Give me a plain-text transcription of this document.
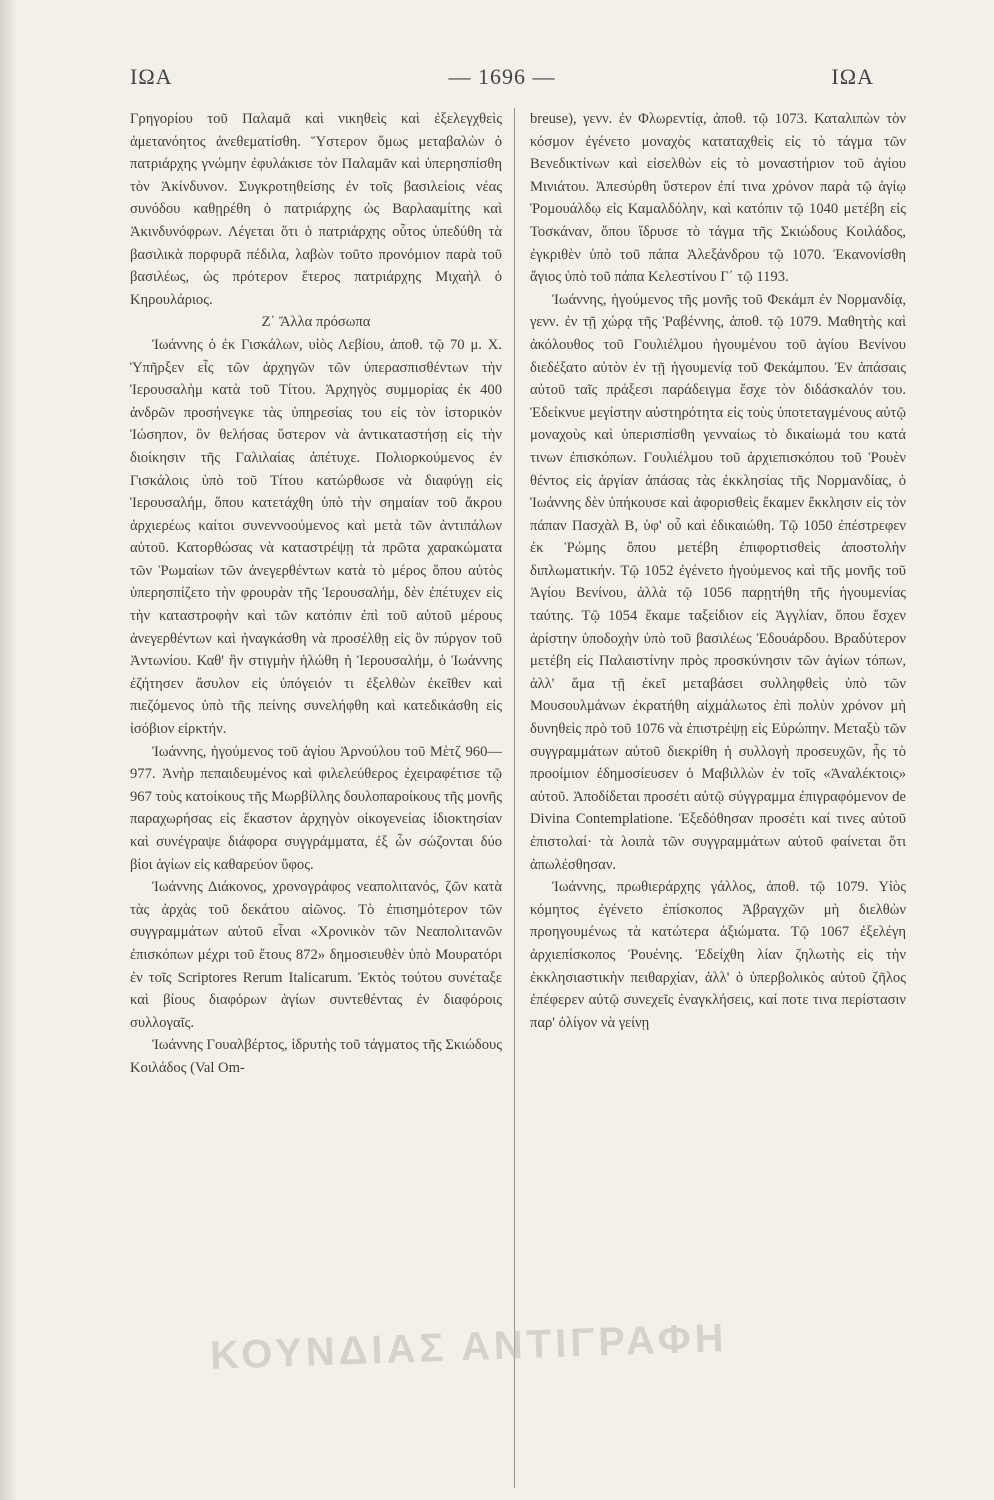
ΙΩΑ	— 1696 —	ΙΩΑ

Γρηγορίου τοῦ Παλαμᾶ καὶ νικηθεὶς καὶ ἐξελεγχθεὶς ἀμετανόητος ἀνεθεματίσθη. Ὕστερον ὅμως μεταβαλὼν ὁ πατριάρχης γνώμην ἐφυλάκισε τὸν Παλαμᾶν καὶ ὑπερησπίσθη τὸν Ἀκίνδυνον. Συγκροτηθείσης ἐν τοῖς βασιλείοις νέας συνόδου καθῃρέθη ὁ πατριάρχης ὡς Βαρλααμίτης καὶ Ἀκινδυνόφρων. Λέγεται ὅτι ὁ πατριάρχης οὗτος ὑπεδύθη τὰ βασιλικὰ πορφυρᾶ πέδιλα, λαβὼν τοῦτο προνόμιον παρὰ τοῦ βασιλέως, ὡς πρότερον ἕτερος πατριάρχης Μιχαὴλ ὁ Κηρουλάριος.

Ζ΄ Ἄλλα πρόσωπα

Ἰωάννης ὁ ἐκ Γισκάλων, υἱὸς Λεβίου, ἀποθ. τῷ 70 μ. Χ. Ὑπῆρξεν εἷς τῶν ἀρχηγῶν τῶν ὑπερασπισθέντων τὴν Ἱερουσαλὴμ κατὰ τοῦ Τίτου. Ἀρχηγὸς συμμορίας ἐκ 400 ἀνδρῶν προσήνεγκε τὰς ὑπηρεσίας του εἰς τὸν ἱστορικὸν Ἰώσηπον, ὃν θελήσας ὕστερον νὰ ἀντικαταστήσῃ εἰς τὴν διοίκησιν τῆς Γαλιλαίας ἀπέτυχε. Πολιορκούμενος ἐν Γισκάλοις ὑπὸ τοῦ Τίτου κατώρθωσε νὰ διαφύγῃ εἰς Ἱερουσαλήμ, ὅπου κατετάχθη ὑπὸ τὴν σημαίαν τοῦ ἄκρου ἀρχιερέως καίτοι συνεννοούμενος καὶ μετὰ τῶν ἀντιπάλων αὐτοῦ. Κατορθώσας νὰ καταστρέψῃ τὰ πρῶτα χαρακώματα τῶν Ῥωμαίων τῶν ἀνεγερθέντων κατὰ τὸ μέρος ὅπου αὐτὸς ὑπερησπίζετο τὴν φρουρὰν τῆς Ἱερουσαλήμ, δὲν ἐπέτυχεν εἰς τὴν καταστροφὴν καὶ τῶν κατόπιν ἐπὶ τοῦ αὐτοῦ μέρους ἀνεγερθέντων καὶ ἠναγκάσθη νὰ προσέλθῃ εἰς ὃν πύργον τοῦ Ἀντωνίου. Καθ' ἣν στιγμὴν ἡλώθη ἡ Ἱερουσαλήμ, ὁ Ἰωάννης ἐζήτησεν ἄσυλον εἰς ὑπόγειόν τι ἐξελθὼν ἐκεῖθεν καὶ πιεζόμενος ὑπὸ τῆς πείνης συνελήφθη καὶ κατεδικάσθη εἰς ἰσόβιον εἱρκτήν.

Ἰωάννης, ἡγούμενος τοῦ ἁγίου Ἀρνούλου τοῦ Μὲτζ 960—977. Ἀνὴρ πεπαιδευμένος καὶ φιλελεύθερος ἐχειραφέτισε τῷ 967 τοὺς κατοίκους τῆς Μωρβίλλης δουλοπαροίκους τῆς μονῆς παραχωρήσας εἰς ἕκαστον ἀρχηγὸν οἰκογενείας ἰδιοκτησίαν καὶ συνέγραψε διάφορα συγγράμματα, ἐξ ὧν σώζονται δύο βίοι ἁγίων εἰς καθαρεύον ὕφος.

Ἰωάννης Διάκονος, χρονογράφος νεαπολιτανός, ζῶν κατὰ τὰς ἀρχὰς τοῦ δεκάτου αἰῶνος. Τὸ ἐπισημότερον τῶν συγγραμμάτων αὐτοῦ εἶναι «Χρονικὸν τῶν Νεαπολιτανῶν ἐπισκόπων μέχρι τοῦ ἔτους 872» δημοσιευθὲν ὑπὸ Μουρατόρι ἐν τοῖς Scriptores Rerum Italicarum. Ἐκτὸς τούτου συνέταξε καὶ βίους διαφόρων ἁγίων συντεθέντας ἐν διαφόροις συλλογαῖς.

Ἰωάννης Γουαλβέρτος, ἱδρυτὴς τοῦ τάγματος τῆς Σκιώδους Κοιλάδος (Val Om-

breuse), γενν. ἐν Φλωρεντίᾳ, ἀποθ. τῷ 1073. Καταλιπὼν τὸν κόσμον ἐγένετο μοναχὸς καταταχθεὶς εἰς τὸ τάγμα τῶν Βενεδικτίνων καὶ εἰσελθὼν εἰς τὸ μοναστήριον τοῦ ἁγίου Μινιάτου. Ἀπεσύρθη ὕστερον ἐπί τινα χρόνον παρὰ τῷ ἁγίῳ Ῥομουάλδῳ εἰς Καμαλδόλην, καὶ κατόπιν τῷ 1040 μετέβη εἰς Τοσκάναν, ὅπου ἵδρυσε τὸ τάγμα τῆς Σκιώδους Κοιλάδος, ἐγκριθὲν ὑπὸ τοῦ πάπα Ἀλεξάνδρου τῷ 1070. Ἐκανονίσθη ἅγιος ὑπὸ τοῦ πάπα Κελεστίνου Γ΄ τῷ 1193.

Ἰωάννης, ἡγούμενος τῆς μονῆς τοῦ Φεκάμπ ἐν Νορμανδίᾳ, γενν. ἐν τῇ χώρᾳ τῆς Ῥαβέννης, ἀποθ. τῷ 1079. Μαθητὴς καὶ ἀκόλουθος τοῦ Γουλιέλμου ἡγουμένου τοῦ ἁγίου Βενίνου διεδέξατο αὐτὸν ἐν τῇ ἡγουμενίᾳ τοῦ Φεκάμπου. Ἐν ἁπάσαις αὐτοῦ ταῖς πράξεσι παράδειγμα ἔσχε τὸν διδάσκαλόν του. Ἐδείκνυε μεγίστην αὐστηρότητα εἰς τοὺς ὑποτεταγμένους αὐτῷ μοναχοὺς καὶ ὑπερισπίσθη γενναίως τὸ δικαίωμά του κατά τινων ἐπισκόπων. Γουλιέλμου τοῦ ἀρχιεπισκόπου τοῦ Ῥουὲν θέντος εἰς ἀργίαν ἁπάσας τὰς ἐκκλησίας τῆς Νορμανδίας, ὁ Ἰωάννης δὲν ὑπήκουσε καὶ ἀφορισθεὶς ἔκαμεν ἔκκλησιν εἰς τὸν πάπαν Πασχὰλ Β, ὑφ' οὗ καὶ ἐδικαιώθη. Τῷ 1050 ἐπέστρεφεν ἐκ Ῥώμης ὅπου μετέβη ἐπιφορτισθεὶς ἀποστολὴν διπλωματικήν. Τῷ 1052 ἐγένετο ἡγούμενος καὶ τῆς μονῆς τοῦ Ἁγίου Βενίνου, ἀλλὰ τῷ 1056 παρῃτήθη τῆς ἡγουμενίας ταύτης. Τῷ 1054 ἔκαμε ταξείδιον εἰς Ἀγγλίαν, ὅπου ἔσχεν ἀρίστην ὑποδοχὴν ὑπὸ τοῦ βασιλέως Ἐδουάρδου. Βραδύτερον μετέβη εἰς Παλαιστίνην πρὸς προσκύνησιν τῶν ἁγίων τόπων, ἀλλ' ἅμα τῇ ἐκεῖ μεταβάσει συλληφθεὶς ὑπὸ τῶν Μουσουλμάνων ἐκρατήθη αἰχμάλωτος ἐπὶ πολὺν χρόνον μὴ δυνηθεὶς πρὸ τοῦ 1076 νὰ ἐπιστρέψῃ εἰς Εὐρώπην. Μεταξὺ τῶν συγγραμμάτων αὐτοῦ διεκρίθη ἡ συλλογὴ προσευχῶν, ἧς τὸ προοίμιον ἐδημοσίευσεν ὁ Μαβιλλὼν ἐν τοῖς «Ἀναλέκτοις» αὐτοῦ. Ἀποδίδεται προσέτι αὐτῷ σύγγραμμα ἐπιγραφόμενον de Divina Contemplatione. Ἐξεδόθησαν προσέτι καί τινες αὐτοῦ ἐπιστολαί· τὰ λοιπὰ τῶν συγγραμμάτων αὐτοῦ φαίνεται ὅτι ἀπωλέσθησαν.

Ἰωάννης, πρωθιεράρχης γάλλος, ἀποθ. τῷ 1079. Υἱὸς κόμητος ἐγένετο ἐπίσκοπος Ἀβραγχῶν μὴ διελθὼν προηγουμένως τὰ κατώτερα ἀξιώματα. Τῷ 1067 ἐξελέγη ἀρχιεπίσκοπος Ῥουένης. Ἐδείχθη λίαν ζηλωτὴς εἰς τὴν ἐκκλησιαστικὴν πειθαρχίαν, ἀλλ' ὁ ὑπερβολικὸς αὐτοῦ ζῆλος ἐπέφερεν αὐτῷ συνεχεῖς ἐναγκλήσεις, καί ποτε τινα περίστασιν παρ' ὀλίγον νὰ γείνῃ

ΚΟΥΝΔΙΑΣ ΑΝΤΙΓΡΑΦΗ
